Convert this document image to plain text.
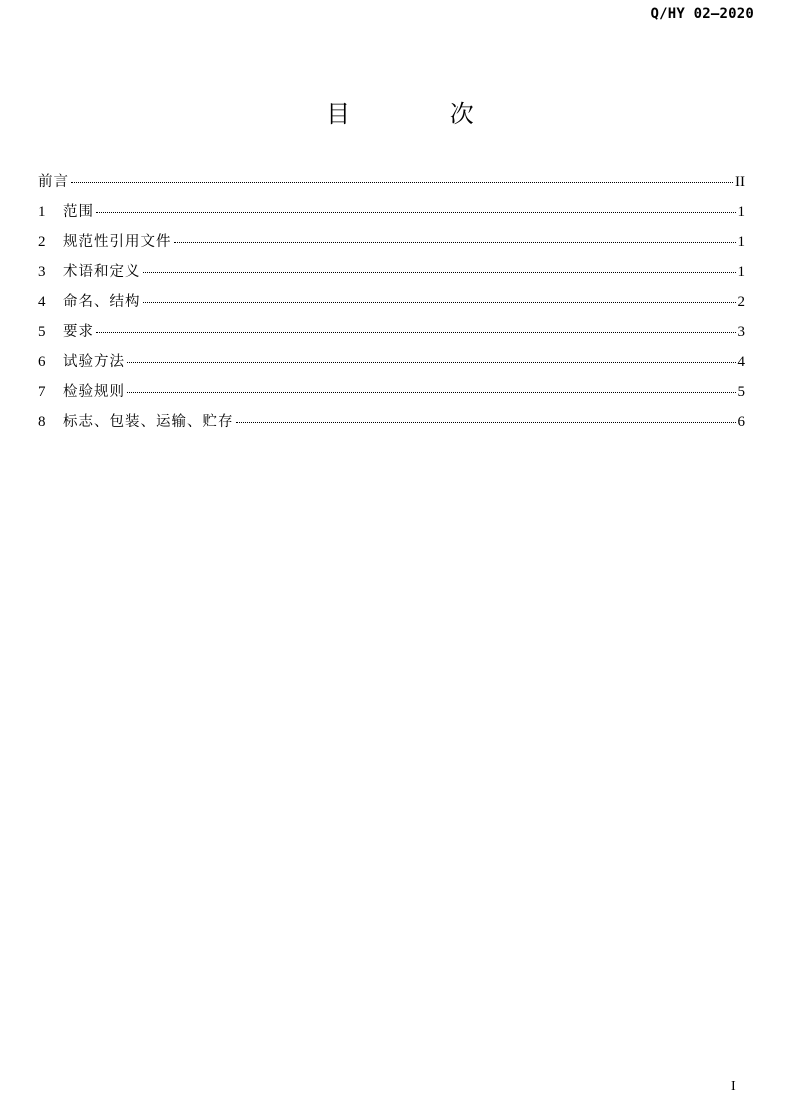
Q/HY 02—2020
目 次
前言	II
1	范围	1
2	规范性引用文件	1
3	术语和定义	1
4	命名、结构	2
5	要求	3
6	试验方法	4
7	检验规则	5
8	标志、包装、运输、贮存	6
I
